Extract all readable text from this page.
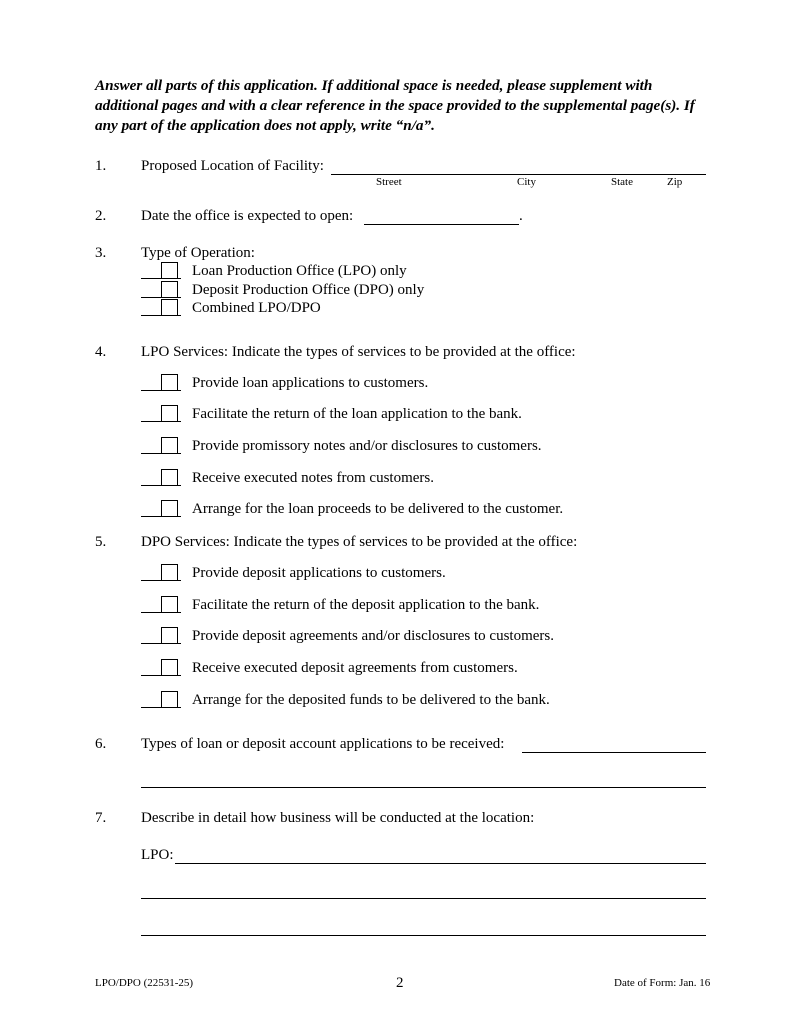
Answer all parts of this application. If additional space is needed, please supplement with additional pages and with a clear reference in the space provided to the supplemental page(s). If any part of the application does not apply, write “n/a”.
1. Proposed Location of Facility:
Street	City	State	Zip
2. Date the office is expected to open:	.
3. Type of Operation:
Loan Production Office (LPO) only
Deposit Production Office (DPO) only
Combined LPO/DPO
4. LPO Services: Indicate the types of services to be provided at the office:
Provide loan applications to customers.
Facilitate the return of the loan application to the bank.
Provide promissory notes and/or disclosures to customers.
Receive executed notes from customers.
Arrange for the loan proceeds to be delivered to the customer.
5. DPO Services: Indicate the types of services to be provided at the office:
Provide deposit applications to customers.
Facilitate the return of the deposit application to the bank.
Provide deposit agreements and/or disclosures to customers.
Receive executed deposit agreements from customers.
Arrange for the deposited funds to be delivered to the bank.
6. Types of loan or deposit account applications to be received:
7. Describe in detail how business will be conducted at the location:
LPO:
LPO/DPO (22531-25)	2	Date of Form: Jan. 16
